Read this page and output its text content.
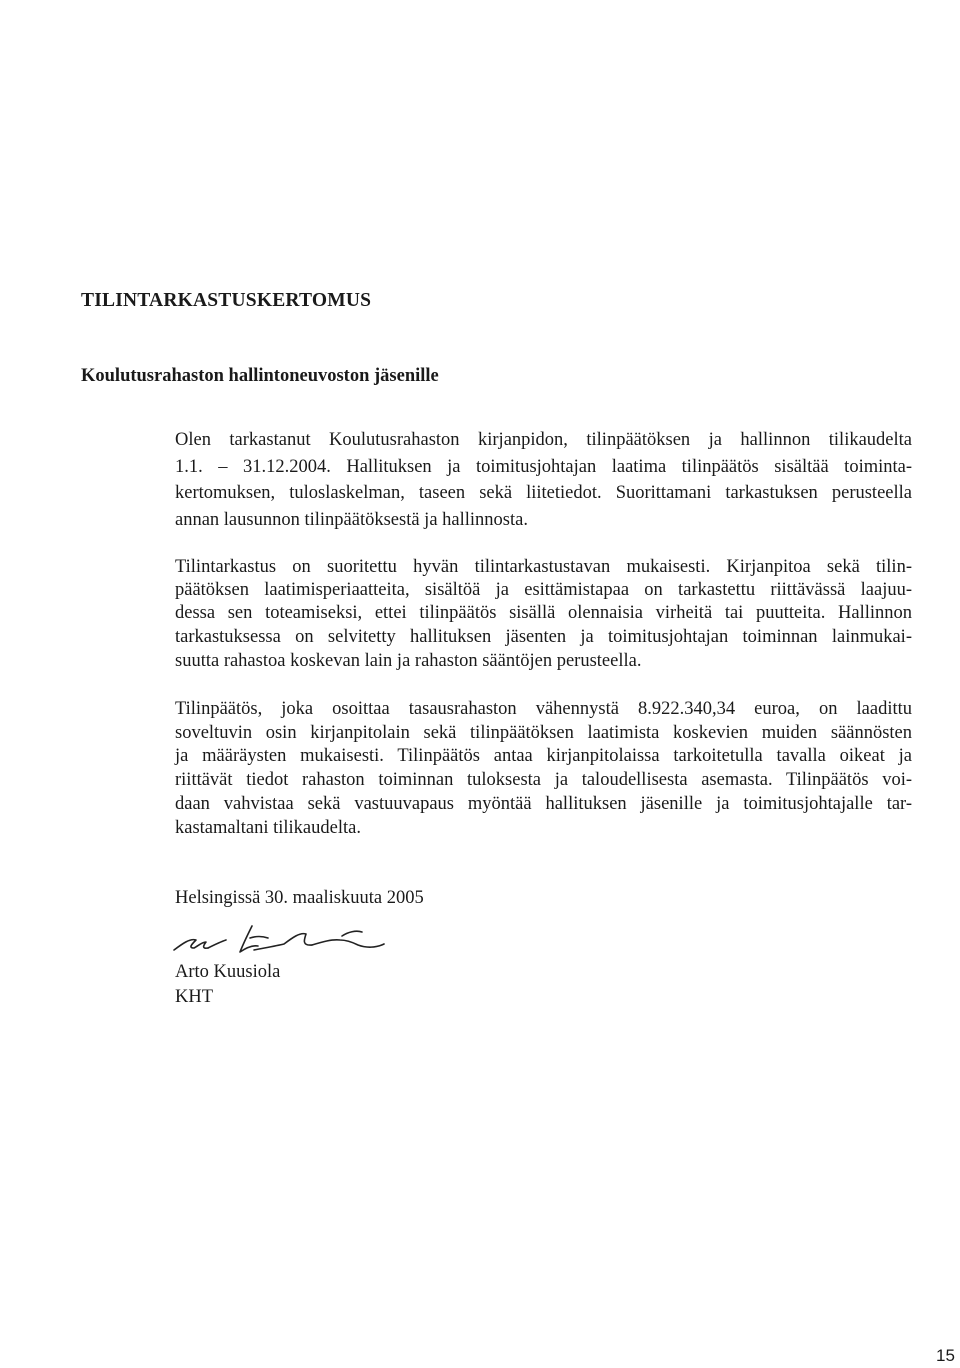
TILINTARKASTUSKERTOMUS
Koulutusrahaston hallintoneuvoston jäsenille
Olen tarkastanut Koulutusrahaston kirjanpidon, tilinpäätöksen ja hallinnon tilikaudelta
1.1. – 31.12.2004. Hallituksen ja toimitusjohtajan laatima tilinpäätös sisältää toiminta-
kertomuksen, tuloslaskelman, taseen sekä liitetiedot. Suorittamani tarkastuksen perusteella
annan lausunnon tilinpäätöksestä ja hallinnosta.
Tilintarkastus on suoritettu hyvän tilintarkastustavan mukaisesti. Kirjanpitoa sekä tilin-
päätöksen laatimisperiaatteita, sisältöä ja esittämistapaa on tarkastettu riittävässä laajuu-
dessa sen toteamiseksi, ettei tilinpäätös sisällä olennaisia virheitä tai puutteita. Hallinnon
tarkastuksessa on selvitetty hallituksen jäsenten ja toimitusjohtajan toiminnan lainmukai-
suutta rahastoa koskevan lain ja rahaston sääntöjen perusteella.
Tilinpäätös, joka osoittaa tasausrahaston vähennystä 8.922.340,34 euroa, on laadittu
soveltuvin osin kirjanpitolain sekä tilinpäätöksen laatimista koskevien muiden säännösten
ja määräysten mukaisesti. Tilinpäätös antaa kirjanpitolaissa tarkoitetulla tavalla oikeat ja
riittävät tiedot rahaston toiminnan tuloksesta ja taloudellisesta asemasta. Tilinpäätös voi-
daan vahvistaa sekä vastuuvapaus myöntää hallituksen jäsenille ja toimitusjohtajalle tar-
kastamaltani tilikaudelta.
Helsingissä 30. maaliskuuta 2005
Arto Kuusiola
KHT
15
